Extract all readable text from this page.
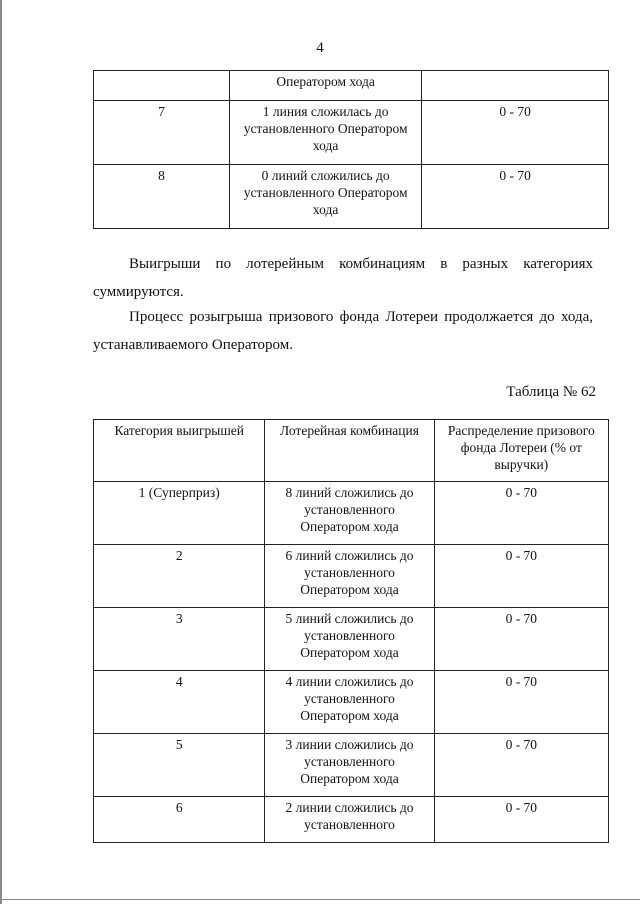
4
	Оператором хода	
7	1 линия сложилась до установленного Оператором хода	0 - 70
8	0 линий сложились до установленного Оператором хода	0 - 70
Выигрыши по лотерейным комбинациям в разных категориях
суммируются.
Процесс розыгрыша призового фонда Лотереи продолжается до хода,
устанавливаемого Оператором.
Таблица № 62
Категория выигрышей	Лотерейная комбинация	Распределение призового фонда Лотереи (% от выручки)
1 (Суперприз)	8 линий сложились до установленного Оператором хода	0 - 70
2	6 линий сложились до установленного Оператором хода	0 - 70
3	5 линий сложились до установленного Оператором хода	0 - 70
4	4 линии сложились до установленного Оператором хода	0 - 70
5	3 линии сложились до установленного Оператором хода	0 - 70
6	2 линии сложились до установленного	0 - 70
